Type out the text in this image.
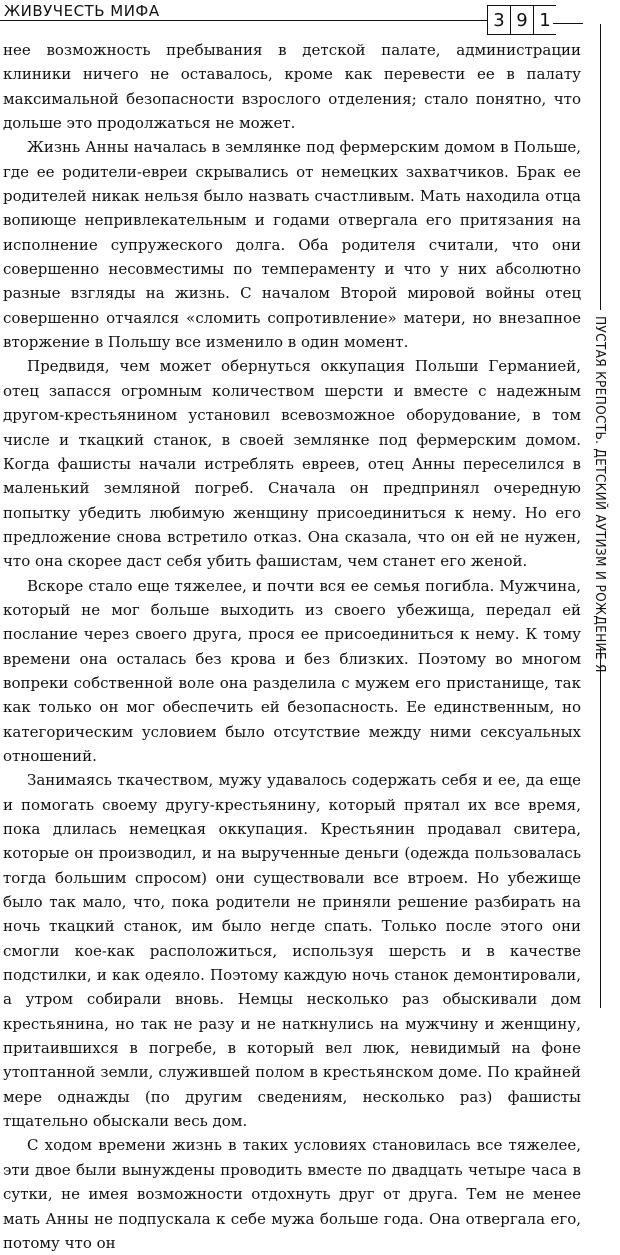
ЖИВУЧЕСТЬ МИФА	3 9 1

нее возможность пребывания в детской палате, администрации клиники ничего не оставалось, кроме как перевести ее в палату максимальной безопасности взрослого отделения; стало понятно, что дольше это продолжаться не может.

Жизнь Анны началась в землянке под фермерским домом в Польше, где ее родители-евреи скрывались от немецких захватчиков. Брак ее родителей никак нельзя было назвать счастливым. Мать находила отца вопиюще непривлекательным и годами отвергала его притязания на исполнение супружеского долга. Оба родителя считали, что они совершенно несовместимы по темпераменту и что у них абсолютно разные взгляды на жизнь. С началом Второй мировой войны отец совершенно отчаялся «сломить сопротивление» матери, но внезапное вторжение в Польшу все изменило в один момент.

Предвидя, чем может обернуться оккупация Польши Германией, отец запасся огромным количеством шерсти и вместе с надежным другом-крестьянином установил всевозможное оборудование, в том числе и ткацкий станок, в своей землянке под фермерским домом. Когда фашисты начали истреблять евреев, отец Анны переселился в маленький земляной погреб. Сначала он предпринял очередную попытку убедить любимую женщину присоединиться к нему. Но его предложение снова встретило отказ. Она сказала, что он ей не нужен, что она скорее даст себя убить фашистам, чем станет его женой.

Вскоре стало еще тяжелее, и почти вся ее семья погибла. Мужчина, который не мог больше выходить из своего убежища, передал ей послание через своего друга, прося ее присоединиться к нему. К тому времени она осталась без крова и без близких. Поэтому во многом вопреки собственной воле она разделила с мужем его пристанище, так как только он мог обеспечить ей безопасность. Ее единственным, но категорическим условием было отсутствие между ними сексуальных отношений.

Занимаясь ткачеством, мужу удавалось содержать себя и ее, да еще и помогать своему другу-крестьянину, который прятал их все время, пока длилась немецкая оккупация. Крестьянин продавал свитера, которые он производил, и на вырученные деньги (одежда пользовалась тогда большим спросом) они существовали все втроем. Но убежище было так мало, что, пока родители не приняли решение разбирать на ночь ткацкий станок, им было негде спать. Только после этого они смогли кое-как расположиться, используя шерсть и в качестве подстилки, и как одеяло. Поэтому каждую ночь станок демонтировали, а утром собирали вновь. Немцы несколько раз обыскивали дом крестьянина, но так не разу и не наткнулись на мужчину и женщину, притаившихся в погребе, в который вел люк, невидимый на фоне утоптанной земли, служившей полом в крестьянском доме. По крайней мере однажды (по другим сведениям, несколько раз) фашисты тщательно обыскали весь дом.

С ходом времени жизнь в таких условиях становилась все тяжелее, эти двое были вынуждены проводить вместе по двадцать четыре часа в сутки, не имея возможности отдохнуть друг от друга. Тем не менее мать Анны не подпускала к себе мужа больше года. Она отвергала его, потому что он

ПУСТАЯ КРЕПОСТЬ. ДЕТСКИЙ АУТИЗМ И РОЖДЕНИЕ Я
